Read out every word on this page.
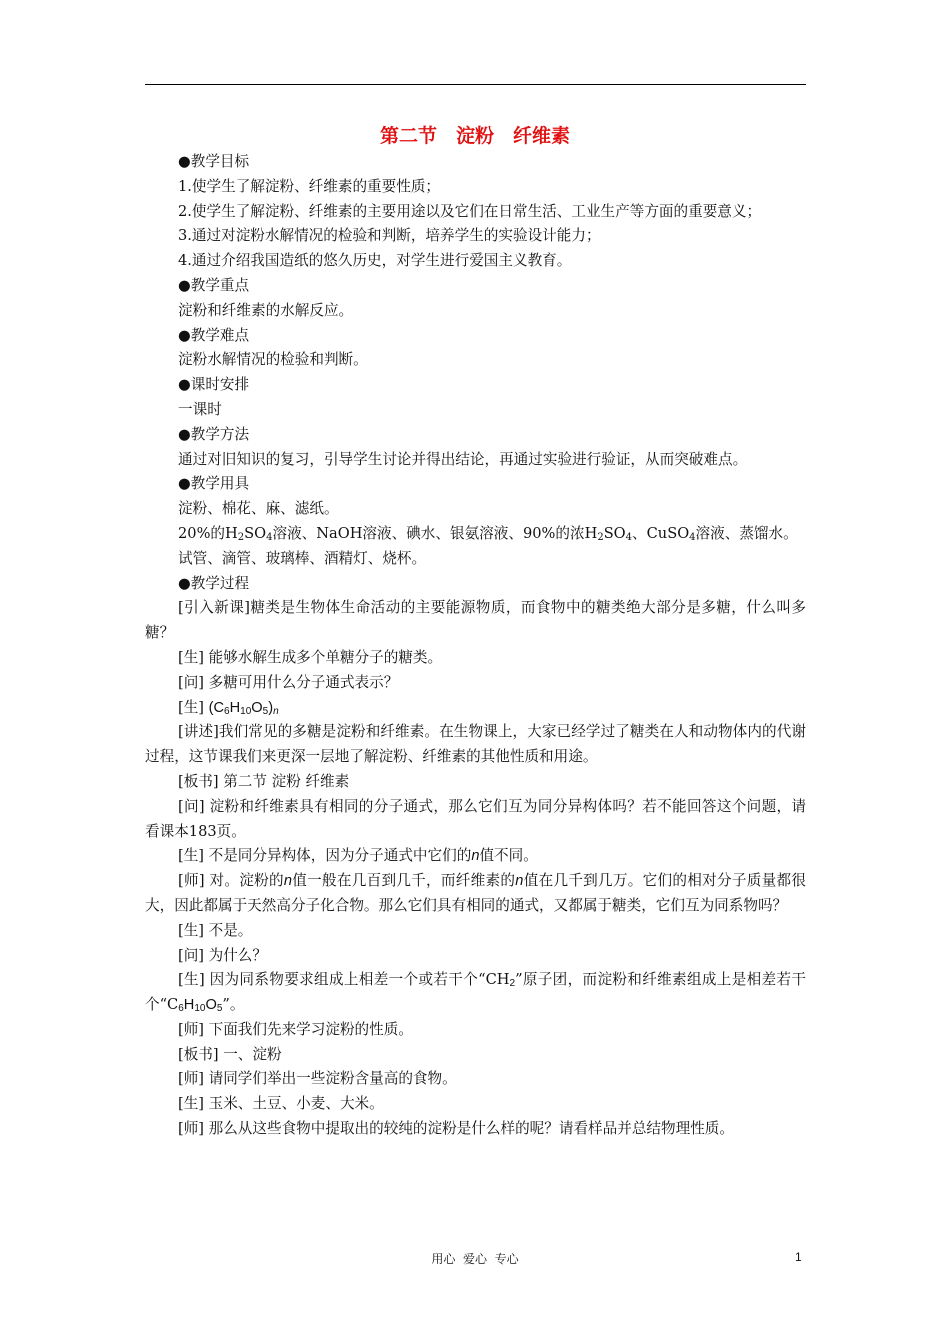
第二节　淀粉　纤维素

●教学目标

1.使学生了解淀粉、纤维素的重要性质；

2.使学生了解淀粉、纤维素的主要用途以及它们在日常生活、工业生产等方面的重要意义；

3.通过对淀粉水解情况的检验和判断，培养学生的实验设计能力；

4.通过介绍我国造纸的悠久历史，对学生进行爱国主义教育。

●教学重点

淀粉和纤维素的水解反应。

●教学难点

淀粉水解情况的检验和判断。

●课时安排

一课时

●教学方法

通过对旧知识的复习，引导学生讨论并得出结论，再通过实验进行验证，从而突破难点。

●教学用具

淀粉、棉花、麻、滤纸。

20%的$H_2SO_4$溶液、NaOH溶液、碘水、银氨溶液、90%的浓$H_2SO_4$、CuSO$_4$溶液、蒸馏水。

试管、滴管、玻璃棒、酒精灯、烧杯。

●教学过程

[引入新课]糖类是生物体生命活动的主要能源物质，而食物中的糖类绝大部分是多糖，什么叫多糖？

[生] 能够水解生成多个单糖分子的糖类。

[问] 多糖可用什么分子通式表示？

[生] $(C_6H_{10}O_5)_n$

[讲述]我们常见的多糖是淀粉和纤维素。在生物课上，大家已经学过了糖类在人和动物体内的代谢过程，这节课我们来更深一层地了解淀粉、纤维素的其他性质和用途。

[板书] 第二节 淀粉 纤维素

[问] 淀粉和纤维素具有相同的分子通式，那么它们互为同分异构体吗？若不能回答这个问题，请看课本183页。

[生] 不是同分异构体，因为分子通式中它们的n值不同。

[师] 对。淀粉的n值一般在几百到几千，而纤维素的n值在几千到几万。它们的相对分子质量都很大，因此都属于天然高分子化合物。那么它们具有相同的通式，又都属于糖类，它们互为同系物吗？

[生] 不是。

[问] 为什么？

[生] 因为同系物要求组成上相差一个或若干个“$CH_2$”原子团，而淀粉和纤维素组成上是相差若干个“$C_6H_{10}O_5$”。

[师] 下面我们先来学习淀粉的性质。

[板书] 一、淀粉

[师] 请同学们举出一些淀粉含量高的食物。

[生] 玉米、土豆、小麦、大米。

[师] 那么从这些食物中提取出的较纯的淀粉是什么样的呢？请看样品并总结物理性质。

用心  爱心  专心	1
